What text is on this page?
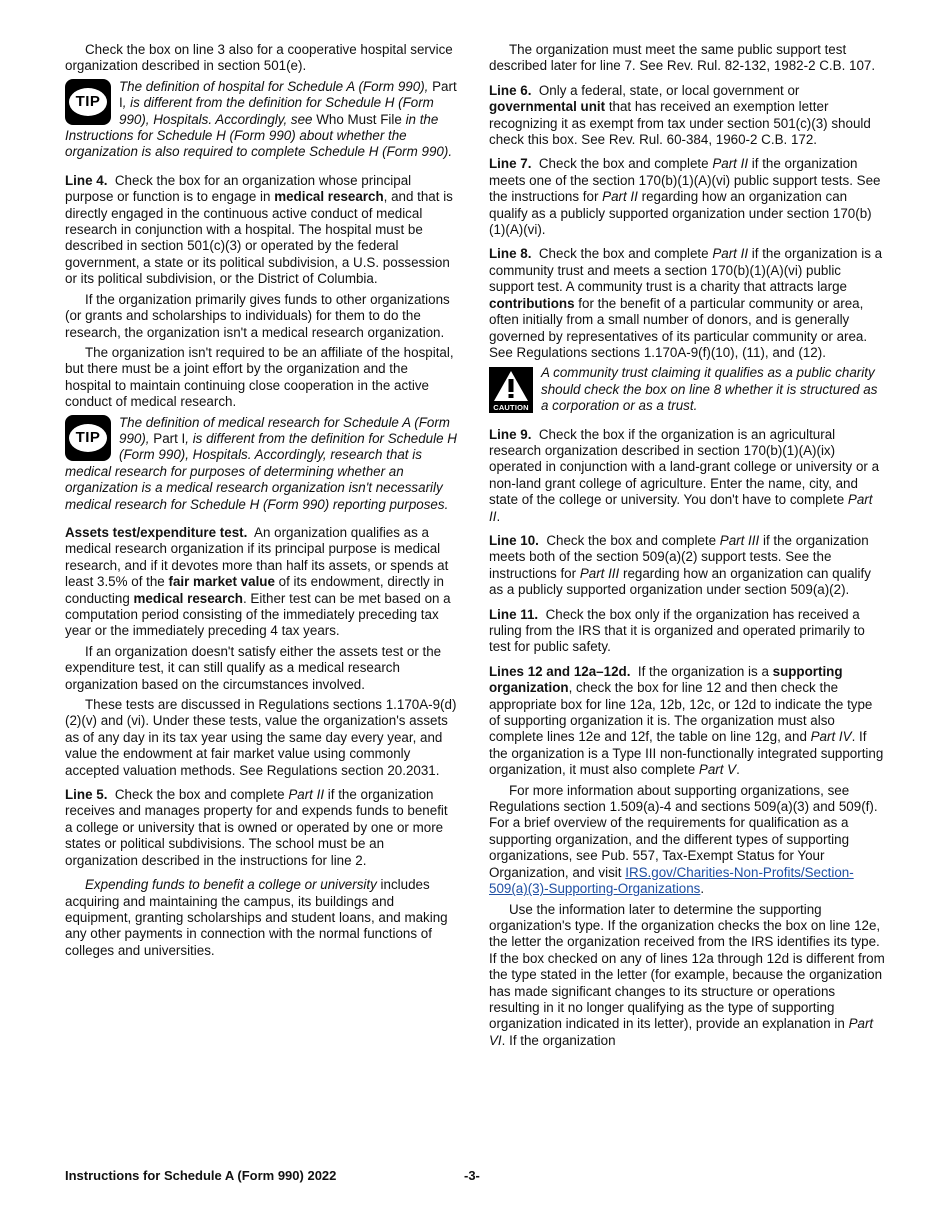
Check the box on line 3 also for a cooperative hospital service organization described in section 501(e).

TIP
The definition of hospital for Schedule A (Form 990), Part I, is different from the definition for Schedule H (Form 990), Hospitals. Accordingly, see Who Must File in the Instructions for Schedule H (Form 990) about whether the organization is also required to complete Schedule H (Form 990).

Line 4. Check the box for an organization whose principal purpose or function is to engage in medical research, and that is directly engaged in the continuous active conduct of medical research in conjunction with a hospital. The hospital must be described in section 501(c)(3) or operated by the federal government, a state or its political subdivision, a U.S. possession or its political subdivision, or the District of Columbia.

If the organization primarily gives funds to other organizations (or grants and scholarships to individuals) for them to do the research, the organization isn't a medical research organization.

The organization isn't required to be an affiliate of the hospital, but there must be a joint effort by the organization and the hospital to maintain continuing close cooperation in the active conduct of medical research.

TIP
The definition of medical research for Schedule A (Form 990), Part I, is different from the definition for Schedule H (Form 990), Hospitals. Accordingly, research that is medical research for purposes of determining whether an organization is a medical research organization isn't necessarily medical research for Schedule H (Form 990) reporting purposes.

Assets test/expenditure test. An organization qualifies as a medical research organization if its principal purpose is medical research, and if it devotes more than half its assets, or spends at least 3.5% of the fair market value of its endowment, directly in conducting medical research. Either test can be met based on a computation period consisting of the immediately preceding tax year or the immediately preceding 4 tax years.

If an organization doesn't satisfy either the assets test or the expenditure test, it can still qualify as a medical research organization based on the circumstances involved.

These tests are discussed in Regulations sections 1.170A-9(d)(2)(v) and (vi). Under these tests, value the organization's assets as of any day in its tax year using the same day every year, and value the endowment at fair market value using commonly accepted valuation methods. See Regulations section 20.2031.

Line 5. Check the box and complete Part II if the organization receives and manages property for and expends funds to benefit a college or university that is owned or operated by one or more states or political subdivisions. The school must be an organization described in the instructions for line 2.

Expending funds to benefit a college or university includes acquiring and maintaining the campus, its buildings and equipment, granting scholarships and student loans, and making any other payments in connection with the normal functions of colleges and universities.

The organization must meet the same public support test described later for line 7. See Rev. Rul. 82-132, 1982-2 C.B. 107.

Line 6. Only a federal, state, or local government or governmental unit that has received an exemption letter recognizing it as exempt from tax under section 501(c)(3) should check this box. See Rev. Rul. 60-384, 1960-2 C.B. 172.

Line 7. Check the box and complete Part II if the organization meets one of the section 170(b)(1)(A)(vi) public support tests. See the instructions for Part II regarding how an organization can qualify as a publicly supported organization under section 170(b)(1)(A)(vi).

Line 8. Check the box and complete Part II if the organization is a community trust and meets a section 170(b)(1)(A)(vi) public support test. A community trust is a charity that attracts large contributions for the benefit of a particular community or area, often initially from a small number of donors, and is generally governed by representatives of its particular community or area. See Regulations sections 1.170A-9(f)(10), (11), and (12).

CAUTION
A community trust claiming it qualifies as a public charity should check the box on line 8 whether it is structured as a corporation or as a trust.

Line 9. Check the box if the organization is an agricultural research organization described in section 170(b)(1)(A)(ix) operated in conjunction with a land-grant college or university or a non-land grant college of agriculture. Enter the name, city, and state of the college or university. You don't have to complete Part II.

Line 10. Check the box and complete Part III if the organization meets both of the section 509(a)(2) support tests. See the instructions for Part III regarding how an organization can qualify as a publicly supported organization under section 509(a)(2).

Line 11. Check the box only if the organization has received a ruling from the IRS that it is organized and operated primarily to test for public safety.

Lines 12 and 12a–12d. If the organization is a supporting organization, check the box for line 12 and then check the appropriate box for line 12a, 12b, 12c, or 12d to indicate the type of supporting organization it is. The organization must also complete lines 12e and 12f, the table on line 12g, and Part IV. If the organization is a Type III non-functionally integrated supporting organization, it must also complete Part V.

For more information about supporting organizations, see Regulations section 1.509(a)-4 and sections 509(a)(3) and 509(f). For a brief overview of the requirements for qualification as a supporting organization, and the different types of supporting organizations, see Pub. 557, Tax-Exempt Status for Your Organization, and visit IRS.gov/Charities-Non-Profits/Section-509(a)(3)-Supporting-Organizations.

Use the information later to determine the supporting organization's type. If the organization checks the box on line 12e, the letter the organization received from the IRS identifies its type. If the box checked on any of lines 12a through 12d is different from the type stated in the letter (for example, because the organization has made significant changes to its structure or operations resulting in it no longer qualifying as the type of supporting organization indicated in its letter), provide an explanation in Part VI. If the organization

Instructions for Schedule A (Form 990) 2022	-3-
